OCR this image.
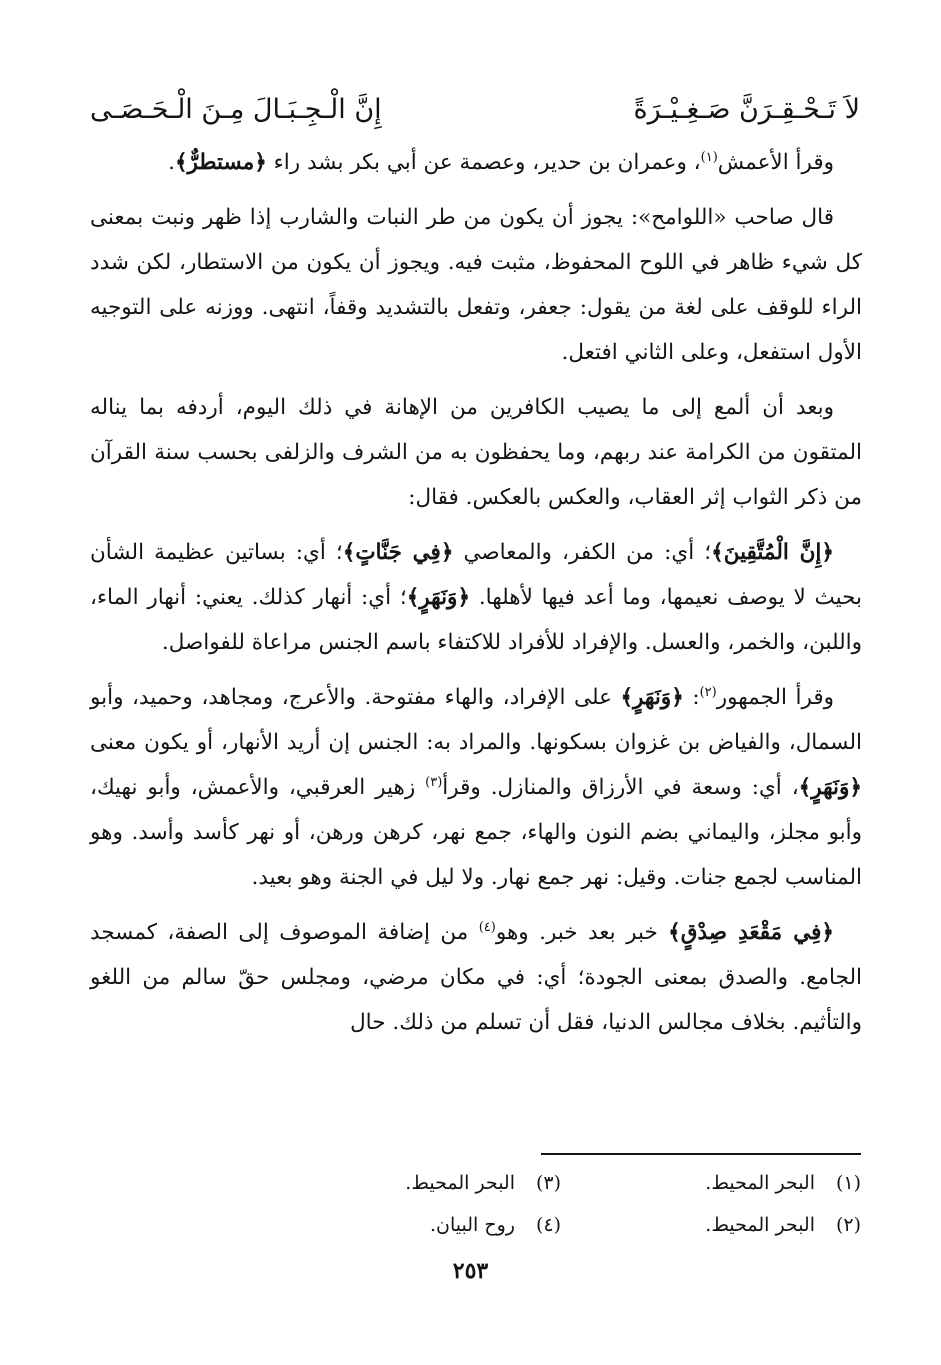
لاَ تَـحْـقِـرَنَّ صَـغِـيْـرَةً
إِنَّ الْـجِـبَـالَ مِـنَ الْـحَـصَـى

وقرأ الأعمش$^{(١)}$، وعمران بن حدير، وعصمة عن أبي بكر بشد راء ﴿مستطرٌّ﴾.

قال صاحب «اللوامح»: يجوز أن يكون من طر النبات والشارب إذا ظهر ونبت بمعنى كل شيء ظاهر في اللوح المحفوظ، مثبت فيه. ويجوز أن يكون من الاستطار، لكن شدد الراء للوقف على لغة من يقول: جعفر، وتفعل بالتشديد وقفاً، انتهى. ووزنه على التوجيه الأول استفعل، وعلى الثاني افتعل.

وبعد أن ألمع إلى ما يصيب الكافرين من الإهانة في ذلك اليوم، أردفه بما يناله المتقون من الكرامة عند ربهم، وما يحفظون به من الشرف والزلفى بحسب سنة القرآن من ذكر الثواب إثر العقاب، والعكس بالعكس. فقال:

﴿إِنَّ الْمُتَّقِينَ﴾؛ أي: من الكفر، والمعاصي ﴿فِي جَنَّاتٍ﴾؛ أي: بساتين عظيمة الشأن بحيث لا يوصف نعيمها، وما أعد فيها لأهلها. ﴿وَنَهَرٍ﴾؛ أي: أنهار كذلك. يعني: أنهار الماء، واللبن، والخمر، والعسل. والإفراد للأفراد للاكتفاء باسم الجنس مراعاة للفواصل.

وقرأ الجمهور$^{(٢)}$: ﴿وَنَهَرٍ﴾ على الإفراد، والهاء مفتوحة. والأعرج، ومجاهد، وحميد، وأبو السمال، والفياض بن غزوان بسكونها. والمراد به: الجنس إن أريد الأنهار، أو يكون معنى ﴿وَنَهَرٍ﴾، أي: وسعة في الأرزاق والمنازل. وقرأ$^{(٣)}$ زهير العرقبي، والأعمش، وأبو نهيك، وأبو مجلز، واليماني بضم النون والهاء، جمع نهر، كرهن ورهن، أو نهر كأسد وأسد. وهو المناسب لجمع جنات. وقيل: نهر جمع نهار. ولا ليل في الجنة وهو بعيد.

﴿فِي مَقْعَدِ صِدْقٍ﴾ خبر بعد خبر. وهو$^{(٤)}$ من إضافة الموصوف إلى الصفة، كمسجد الجامع. والصدق بمعنى الجودة؛ أي: في مكان مرضي، ومجلس حقّ سالم من اللغو والتأثيم. بخلاف مجالس الدنيا، فقل أن تسلم من ذلك. حال

(١)البحر المحيط.
(٣)البحر المحيط.
(٢)البحر المحيط.
(٤)روح البيان.
٢٥٣
